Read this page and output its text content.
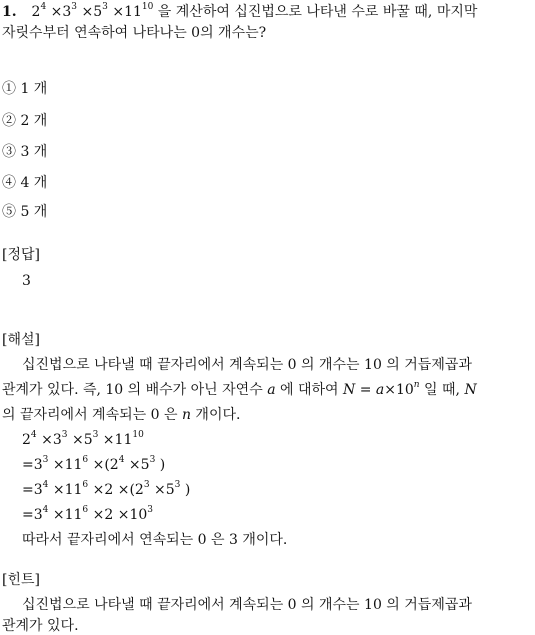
1. $2^4 \times 3^3 \times 5^3 \times 11^{10}$ 을 계산하여 십진법으로 나타낸 수로 바꿀 때, 마지막
자릿수부터 연속하여 나타나는 0의 개수는?
① 1 개
② 2 개
③ 3 개
④ 4 개
⑤ 5 개
[정답]
3
[해설]
십진법으로 나타낼 때 끝자리에서 계속되는 0 의 개수는 10 의 거듭제곱과
관계가 있다. 즉, 10 의 배수가 아닌 자연수 a 에 대하여 $N = a\times 10^n$ 일 때, N
의 끝자리에서 계속되는 0 은 n 개이다.
$2^4 \times 3^3 \times 5^3 \times 11^{10}$
$=3^3 \times 11^6 \times(2^4 \times 5^3$ )
$=3^4 \times 11^6 \times 2 \times(2^3 \times 5^3$ )
$=3^4 \times 11^6 \times 2 \times 10^3$
따라서 끝자리에서 연속되는 0 은 3 개이다.
[힌트]
십진법으로 나타낼 때 끝자리에서 계속되는 0 의 개수는 10 의 거듭제곱과
관계가 있다.
